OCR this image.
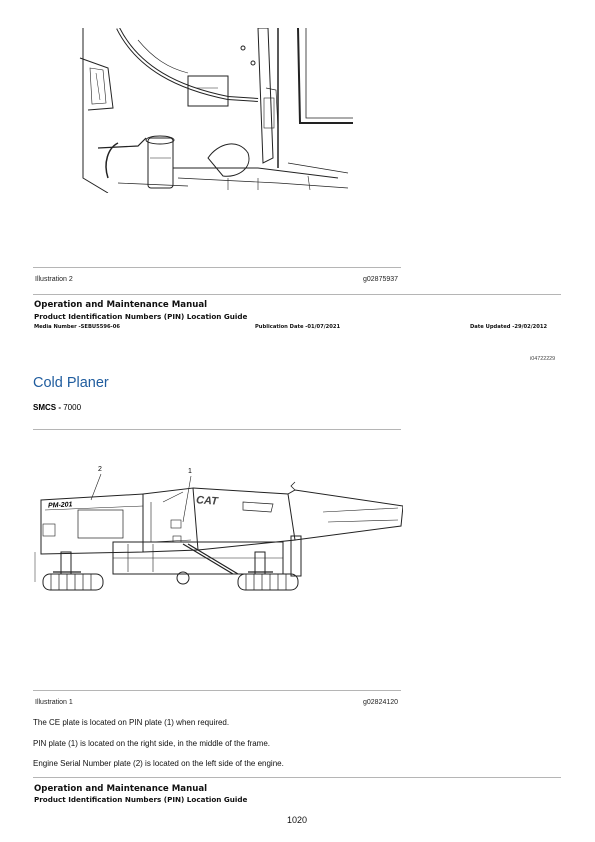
Illustration 2	g02875937
Operation and Maintenance Manual
Product Identification Numbers (PIN) Location Guide
Media Number -SEBU5596-06	Publication Date -01/07/2021	Date Updated -29/02/2012
i04722229
Cold Planer
SMCS - 7000
2	1
PM-201	CAT
Illustration 1	g02824120
The CE plate is located on PIN plate (1) when required.
PIN plate (1) is located on the right side, in the middle of the frame.
Engine Serial Number plate (2) is located on the left side of the engine.
Operation and Maintenance Manual
Product Identification Numbers (PIN) Location Guide
1020
